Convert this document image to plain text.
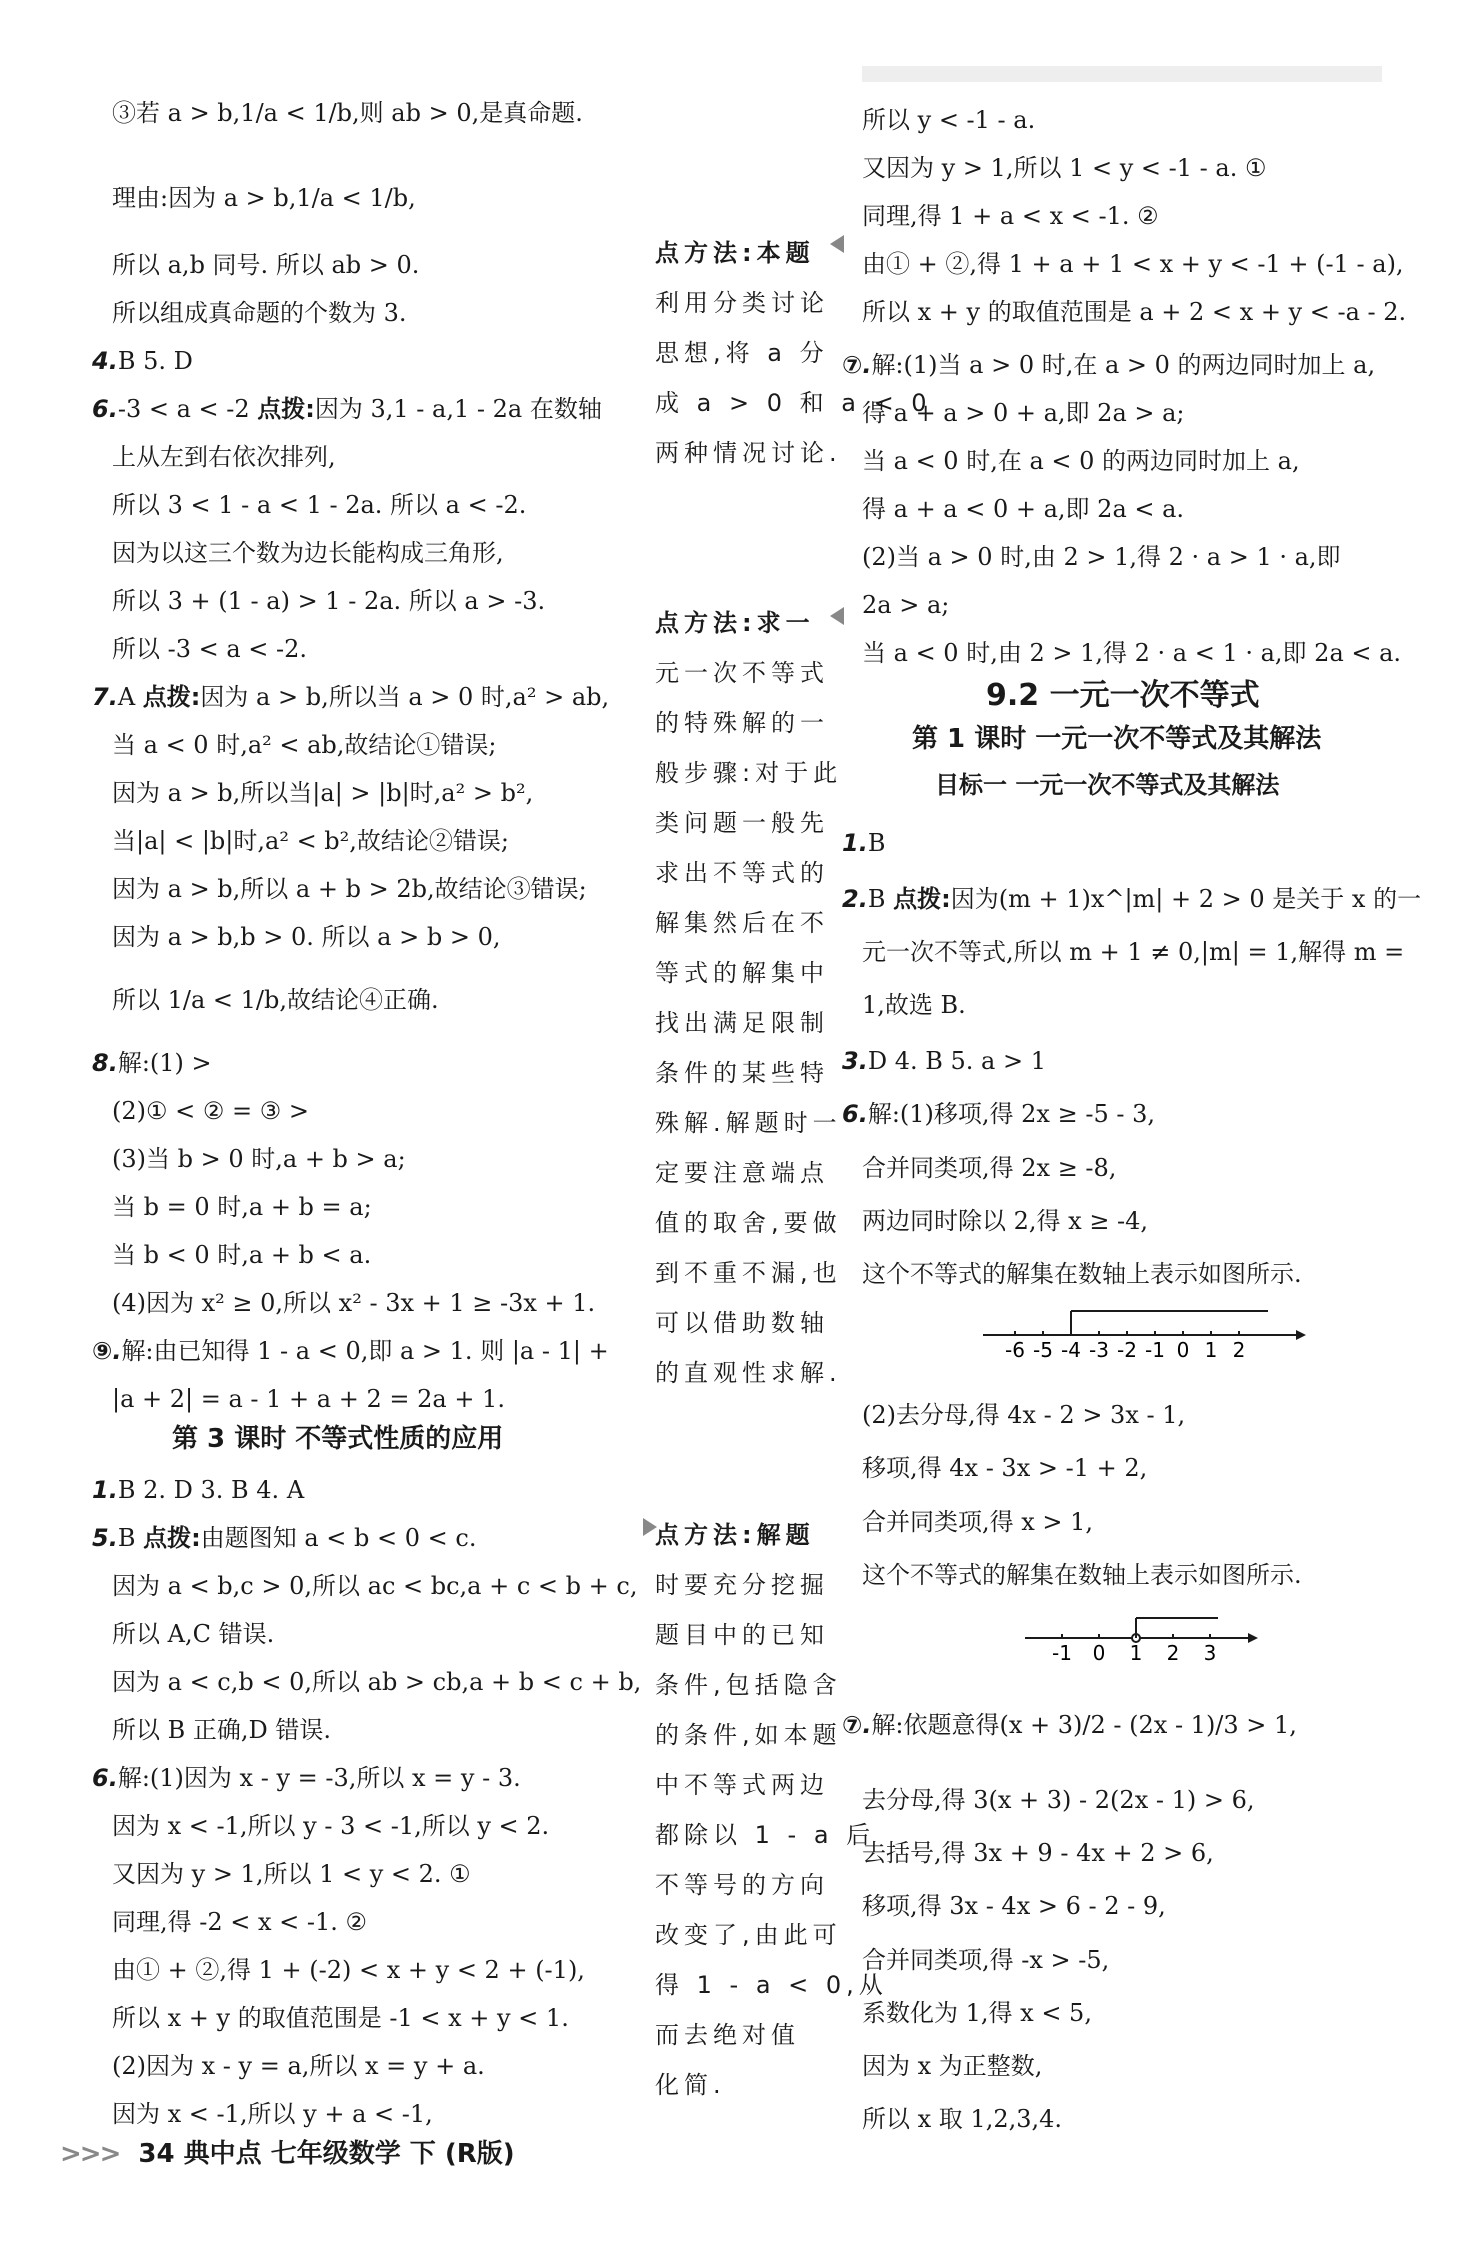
③若 a > b,1/a < 1/b,则 ab > 0,是真命题.
理由:因为 a > b,1/a < 1/b,
所以 a,b 同号. 所以 ab > 0.
所以组成真命题的个数为 3.
4.B 5. D
6.-3 < a < -2 点拨:因为 3,1 - a,1 - 2a 在数轴
上从左到右依次排列,
所以 3 < 1 - a < 1 - 2a. 所以 a < -2.
因为以这三个数为边长能构成三角形,
所以 3 + (1 - a) > 1 - 2a. 所以 a > -3.
所以 -3 < a < -2.
7.A 点拨:因为 a > b,所以当 a > 0 时,a² > ab,
当 a < 0 时,a² < ab,故结论①错误;
因为 a > b,所以当|a| > |b|时,a² > b²,
当|a| < |b|时,a² < b²,故结论②错误;
因为 a > b,所以 a + b > 2b,故结论③错误;
因为 a > b,b > 0. 所以 a > b > 0,
所以 1/a < 1/b,故结论④正确.
8.解:(1) >
(2)① < ② = ③ >
(3)当 b > 0 时,a + b > a;
当 b = 0 时,a + b = a;
当 b < 0 时,a + b < a.
(4)因为 x² ≥ 0,所以 x² - 3x + 1 ≥ -3x + 1.
⑨.解:由已知得 1 - a < 0,即 a > 1. 则 |a - 1| +
|a + 2| = a - 1 + a + 2 = 2a + 1.
1.B 2. D 3. B 4. A
5.B 点拨:由题图知 a < b < 0 < c.
因为 a < b,c > 0,所以 ac < bc,a + c < b + c,
所以 A,C 错误.
因为 a < c,b < 0,所以 ab > cb,a + b < c + b,
所以 B 正确,D 错误.
6.解:(1)因为 x - y = -3,所以 x = y - 3.
因为 x < -1,所以 y - 3 < -1,所以 y < 2.
又因为 y > 1,所以 1 < y < 2. ①
同理,得 -2 < x < -1. ②
由① + ②,得 1 + (-2) < x + y < 2 + (-1),
所以 x + y 的取值范围是 -1 < x + y < 1.
(2)因为 x - y = a,所以 x = y + a.
因为 x < -1,所以 y + a < -1,
第 3 课时 不等式性质的应用
点方法:本题
利用分类讨论
思想,将 a 分
成 a > 0 和 a < 0
两种情况讨论.
点方法:求一
元一次不等式
的特殊解的一
般步骤:对于此
类问题一般先
求出不等式的
解集然后在不
等式的解集中
找出满足限制
条件的某些特
殊解.解题时一
定要注意端点
值的取舍,要做
到不重不漏,也
可以借助数轴
的直观性求解.
点方法:解题
时要充分挖掘
题目中的已知
条件,包括隐含
的条件,如本题
中不等式两边
都除以 1 - a 后
不等号的方向
改变了,由此可
得 1 - a < 0,从
而去绝对值
化简.
所以 y < -1 - a.
又因为 y > 1,所以 1 < y < -1 - a. ①
同理,得 1 + a < x < -1. ②
由① + ②,得 1 + a + 1 < x + y < -1 + (-1 - a),
所以 x + y 的取值范围是 a + 2 < x + y < -a - 2.
⑦.解:(1)当 a > 0 时,在 a > 0 的两边同时加上 a,
得 a + a > 0 + a,即 2a > a;
当 a < 0 时,在 a < 0 的两边同时加上 a,
得 a + a < 0 + a,即 2a < a.
(2)当 a > 0 时,由 2 > 1,得 2 · a > 1 · a,即
2a > a;
当 a < 0 时,由 2 > 1,得 2 · a < 1 · a,即 2a < a.
1.B
2.B 点拨:因为(m + 1)x^|m| + 2 > 0 是关于 x 的一
元一次不等式,所以 m + 1 ≠ 0,|m| = 1,解得 m =
1,故选 B.
3.D 4. B 5. a > 1
6.解:(1)移项,得 2x ≥ -5 - 3,
合并同类项,得 2x ≥ -8,
两边同时除以 2,得 x ≥ -4,
这个不等式的解集在数轴上表示如图所示.
(2)去分母,得 4x - 2 > 3x - 1,
移项,得 4x - 3x > -1 + 2,
合并同类项,得 x > 1,
这个不等式的解集在数轴上表示如图所示.
⑦.解:依题意得(x + 3)/2 - (2x - 1)/3 > 1,
去分母,得 3(x + 3) - 2(2x - 1) > 6,
去括号,得 3x + 9 - 4x + 2 > 6,
移项,得 3x - 4x > 6 - 2 - 9,
合并同类项,得 -x > -5,
系数化为 1,得 x < 5,
因为 x 为正整数,
所以 x 取 1,2,3,4.
9.2 一元一次不等式
第 1 课时 一元一次不等式及其解法
目标一 一元一次不等式及其解法
-6 -5 -4 -3 -2 -1 0 1 2
-1 0 1 2 3
>>> 34 典中点 七年级数学 下 (R版)
